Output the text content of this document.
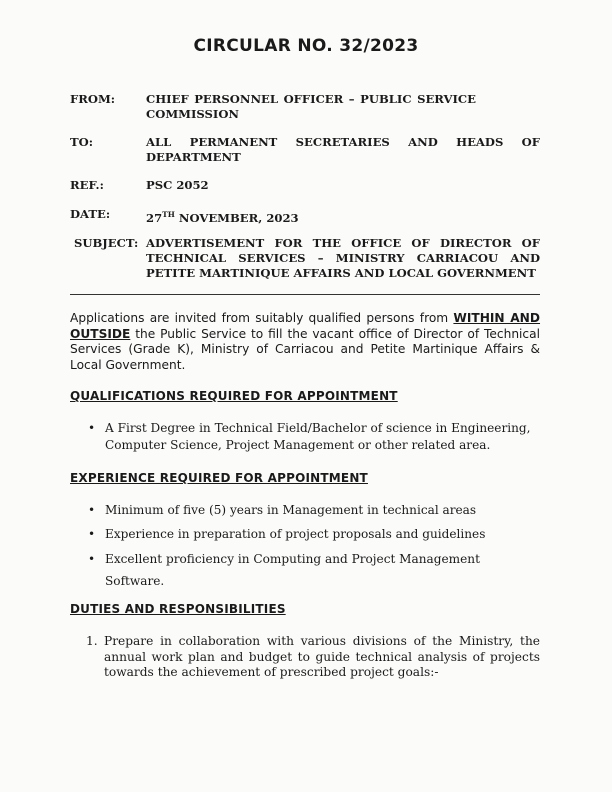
CIRCULAR NO. 32/2023
FROM:	CHIEF PERSONNEL OFFICER – PUBLIC SERVICE COMMISSION
TO:	ALL PERMANENT SECRETARIES AND HEADS OF
DEPARTMENT
REF.:	PSC 2052
DATE:	27TH NOVEMBER, 2023
SUBJECT: ADVERTISEMENT FOR THE OFFICE OF DIRECTOR OF TECHNICAL SERVICES – MINISTRY CARRIACOU AND PETITE MARTINIQUE AFFAIRS AND LOCAL GOVERNMENT
Applications are invited from suitably qualified persons from WITHIN AND OUTSIDE the Public Service to fill the vacant office of Director of Technical Services (Grade K), Ministry of Carriacou and Petite Martinique Affairs & Local Government.
QUALIFICATIONS REQUIRED FOR APPOINTMENT
• A First Degree in Technical Field/Bachelor of science in Engineering, Computer Science, Project Management or other related area.
EXPERIENCE REQUIRED FOR APPOINTMENT
• Minimum of five (5) years in Management in technical areas
• Experience in preparation of project proposals and guidelines
• Excellent proficiency in Computing and Project Management Software.
DUTIES AND RESPONSIBILITIES
1. Prepare in collaboration with various divisions of the Ministry, the annual work plan and budget to guide technical analysis of projects towards the achievement of prescribed project goals:-
